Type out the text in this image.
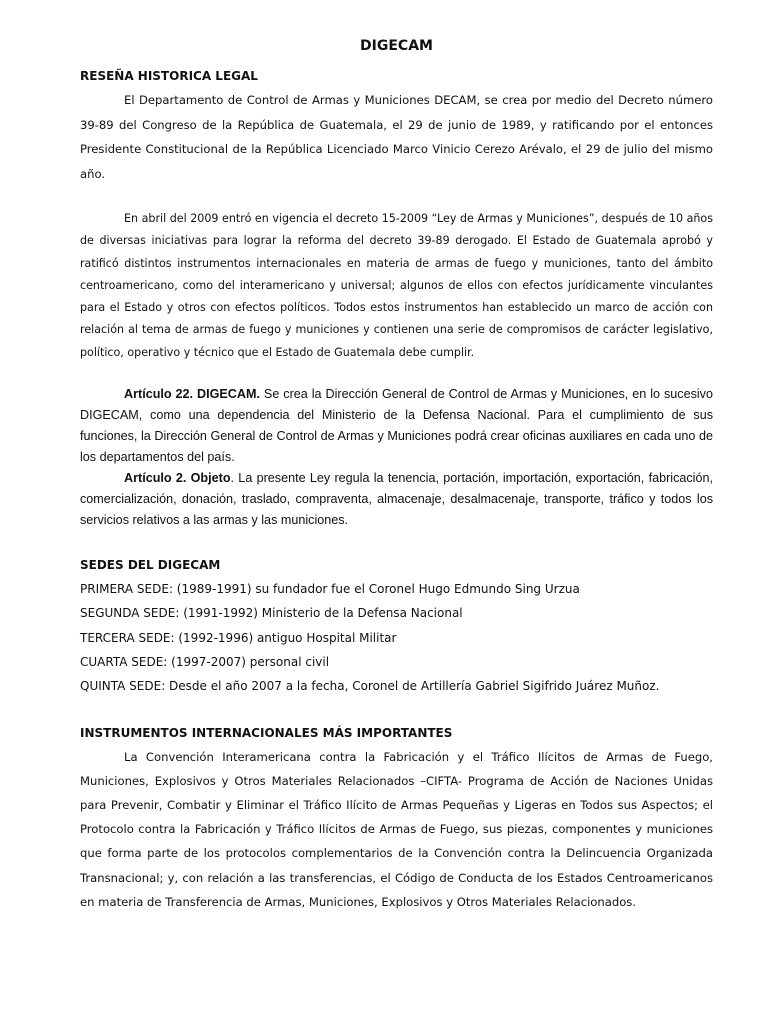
DIGECAM
RESEÑA HISTORICA LEGAL

El Departamento de Control de Armas y Municiones DECAM, se crea por medio del Decreto número 39-89 del Congreso de la República de Guatemala, el 29 de junio de 1989, y ratificando por el entonces Presidente Constitucional de la República Licenciado Marco Vinicio Cerezo Arévalo, el 29 de julio del mismo año.

En abril del 2009 entró en vigencia el decreto 15-2009 “Ley de Armas y Municiones”, después de 10 años de diversas iniciativas para lograr la reforma del decreto 39-89 derogado. El Estado de Guatemala aprobó y ratificó distintos instrumentos internacionales en materia de armas de fuego y municiones, tanto del ámbito centroamericano, como del interamericano y universal; algunos de ellos con efectos jurídicamente vinculantes para el Estado y otros con efectos políticos. Todos estos instrumentos han establecido un marco de acción con relación al tema de armas de fuego y municiones y contienen una serie de compromisos de carácter legislativo, político, operativo y técnico que el Estado de Guatemala debe cumplir.

Artículo 22. DIGECAM. Se crea la Dirección General de Control de Armas y Municiones, en lo sucesivo DIGECAM, como una dependencia del Ministerio de la Defensa Nacional. Para el cumplimiento de sus funciones, la Dirección General de Control de Armas y Municiones podrá crear oficinas auxiliares en cada uno de los departamentos del país.

Artículo 2. Objeto. La presente Ley regula la tenencia, portación, importación, exportación, fabricación, comercialización, donación, traslado, compraventa, almacenaje, desalmacenaje, transporte, tráfico y todos los servicios relativos a las armas y las municiones.

SEDES DEL DIGECAM

PRIMERA SEDE: (1989-1991) su fundador fue el Coronel Hugo Edmundo Sing Urzua

SEGUNDA SEDE: (1991-1992) Ministerio de la Defensa Nacional

TERCERA SEDE: (1992-1996) antiguo Hospital Militar

CUARTA SEDE: (1997-2007) personal civil

QUINTA SEDE: Desde el año 2007 a la fecha, Coronel de Artillería Gabriel Sigifrido Juárez Muñoz.

INSTRUMENTOS INTERNACIONALES MÁS IMPORTANTES

La Convención Interamericana contra la Fabricación y el Tráfico Ilícitos de Armas de Fuego, Municiones, Explosivos y Otros Materiales Relacionados –CIFTA- Programa de Acción de Naciones Unidas para Prevenir, Combatir y Eliminar el Tráfico Ilícito de Armas Pequeñas y Ligeras en Todos sus Aspectos; el Protocolo contra la Fabricación y Tráfico Ilícitos de Armas de Fuego, sus piezas, componentes y municiones que forma parte de los protocolos complementarios de la Convención contra la Delincuencia Organizada Transnacional; y, con relación a las transferencias, el Código de Conducta de los Estados Centroamericanos en materia de Transferencia de Armas, Municiones, Explosivos y Otros Materiales Relacionados.
